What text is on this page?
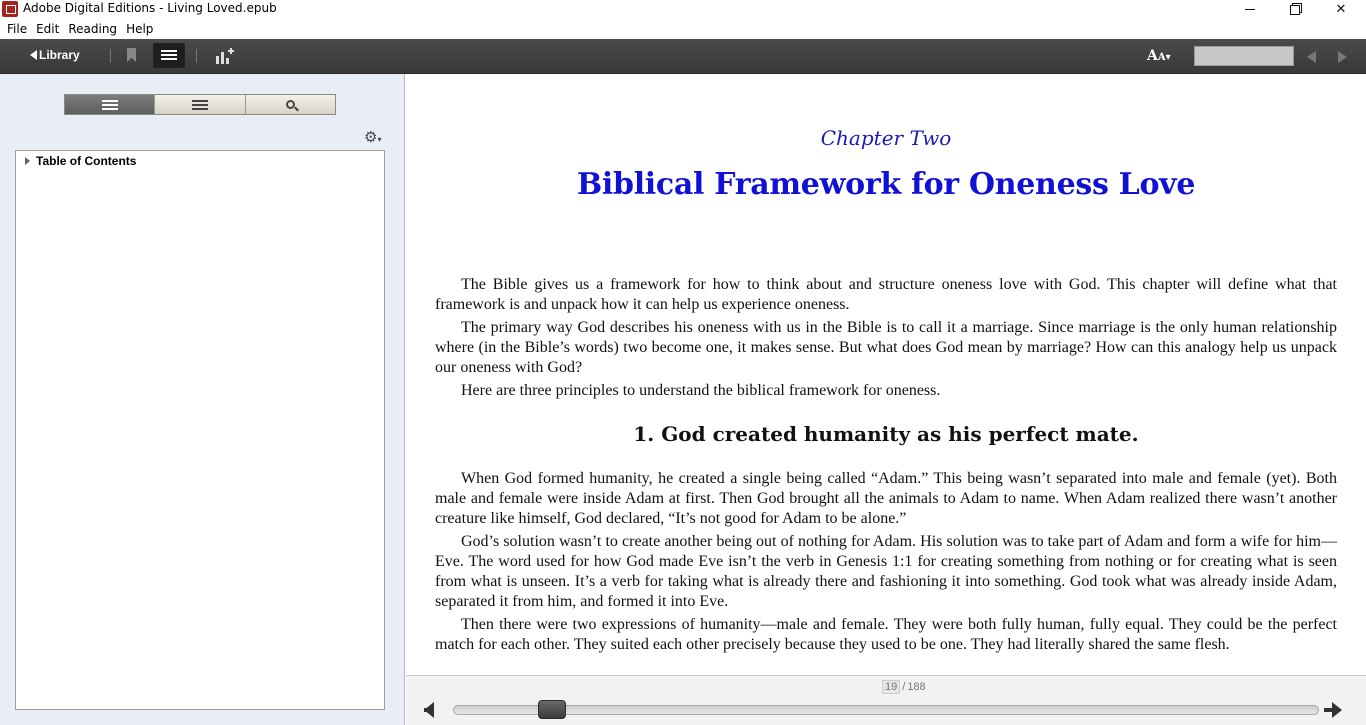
Adobe Digital Editions - Living Loved.epub	✕
File Edit Reading Help
Library	AA▾
⚙▾
Table of Contents
Chapter Two
Biblical Framework for Oneness Love

The Bible gives us a framework for how to think about and structure oneness love with God. This chapter will define what that framework is and unpack how it can help us experience oneness.

The primary way God describes his oneness with us in the Bible is to call it a marriage. Since marriage is the only human relationship where (in the Bible’s words) two become one, it makes sense. But what does God mean by marriage? How can this analogy help us unpack our oneness with God?

Here are three principles to understand the biblical framework for oneness.

1. God created humanity as his perfect mate.

When God formed humanity, he created a single being called “Adam.” This being wasn’t separated into male and female (yet). Both male and female were inside Adam at first. Then God brought all the animals to Adam to name. When Adam realized there wasn’t another creature like himself, God declared, “It’s not good for Adam to be alone.”

God’s solution wasn’t to create another being out of nothing for Adam. His solution was to take part of Adam and form a wife for him— Eve. The word used for how God made Eve isn’t the verb in Genesis 1:1 for creating something from nothing or for creating what is seen from what is unseen. It’s a verb for taking what is already there and fashioning it into something. God took what was already inside Adam, separated it from him, and formed it into Eve.

Then there were two expressions of humanity—male and female. They were both fully human, fully equal. They could be the perfect match for each other. They suited each other precisely because they used to be one. They had literally shared the same flesh.

19 / 188
